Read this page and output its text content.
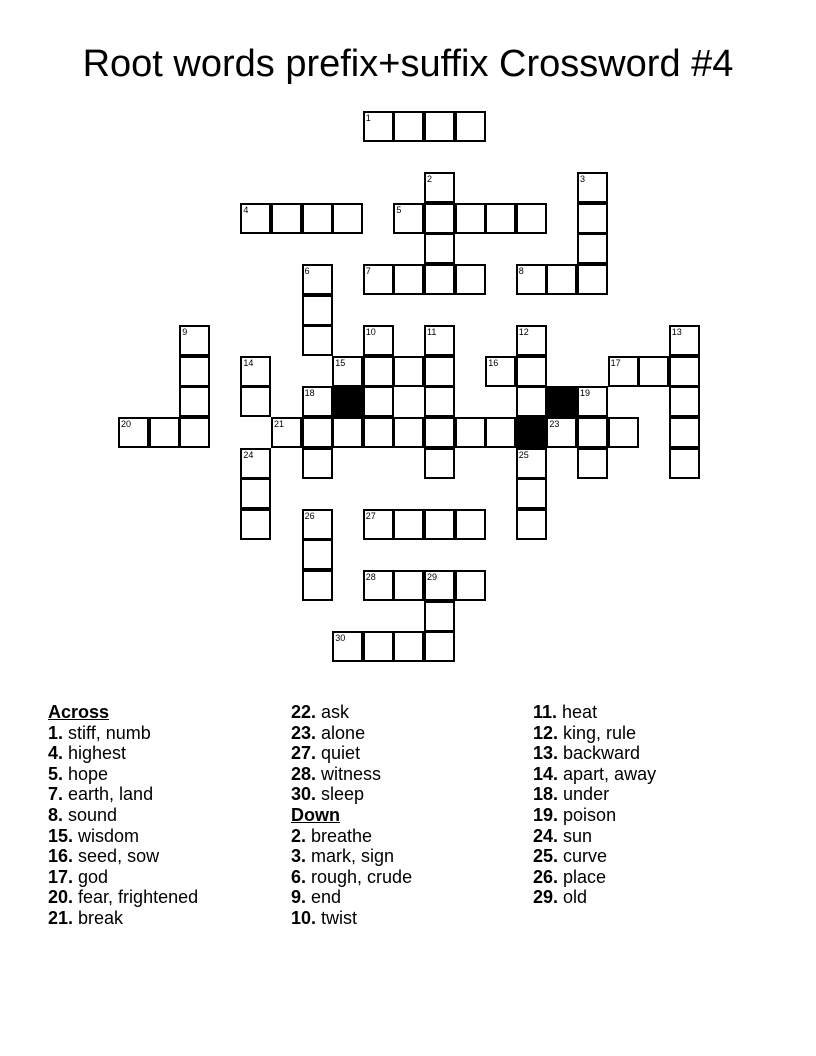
Root words prefix+suffix Crossword #4
1
2	3
4	5
6	7	8
9	10	11	12	13
14	15	16	17
18	19
20	21	23
24	25
26	27
28	29
30
Across
1. stiff, numb
4. highest
5. hope
7. earth, land
8. sound
15. wisdom
16. seed, sow
17. god
20. fear, frightened
21. break
22. ask
23. alone
27. quiet
28. witness
30. sleep
Down
2. breathe
3. mark, sign
6. rough, crude
9. end
10. twist
11. heat
12. king, rule
13. backward
14. apart, away
18. under
19. poison
24. sun
25. curve
26. place
29. old
